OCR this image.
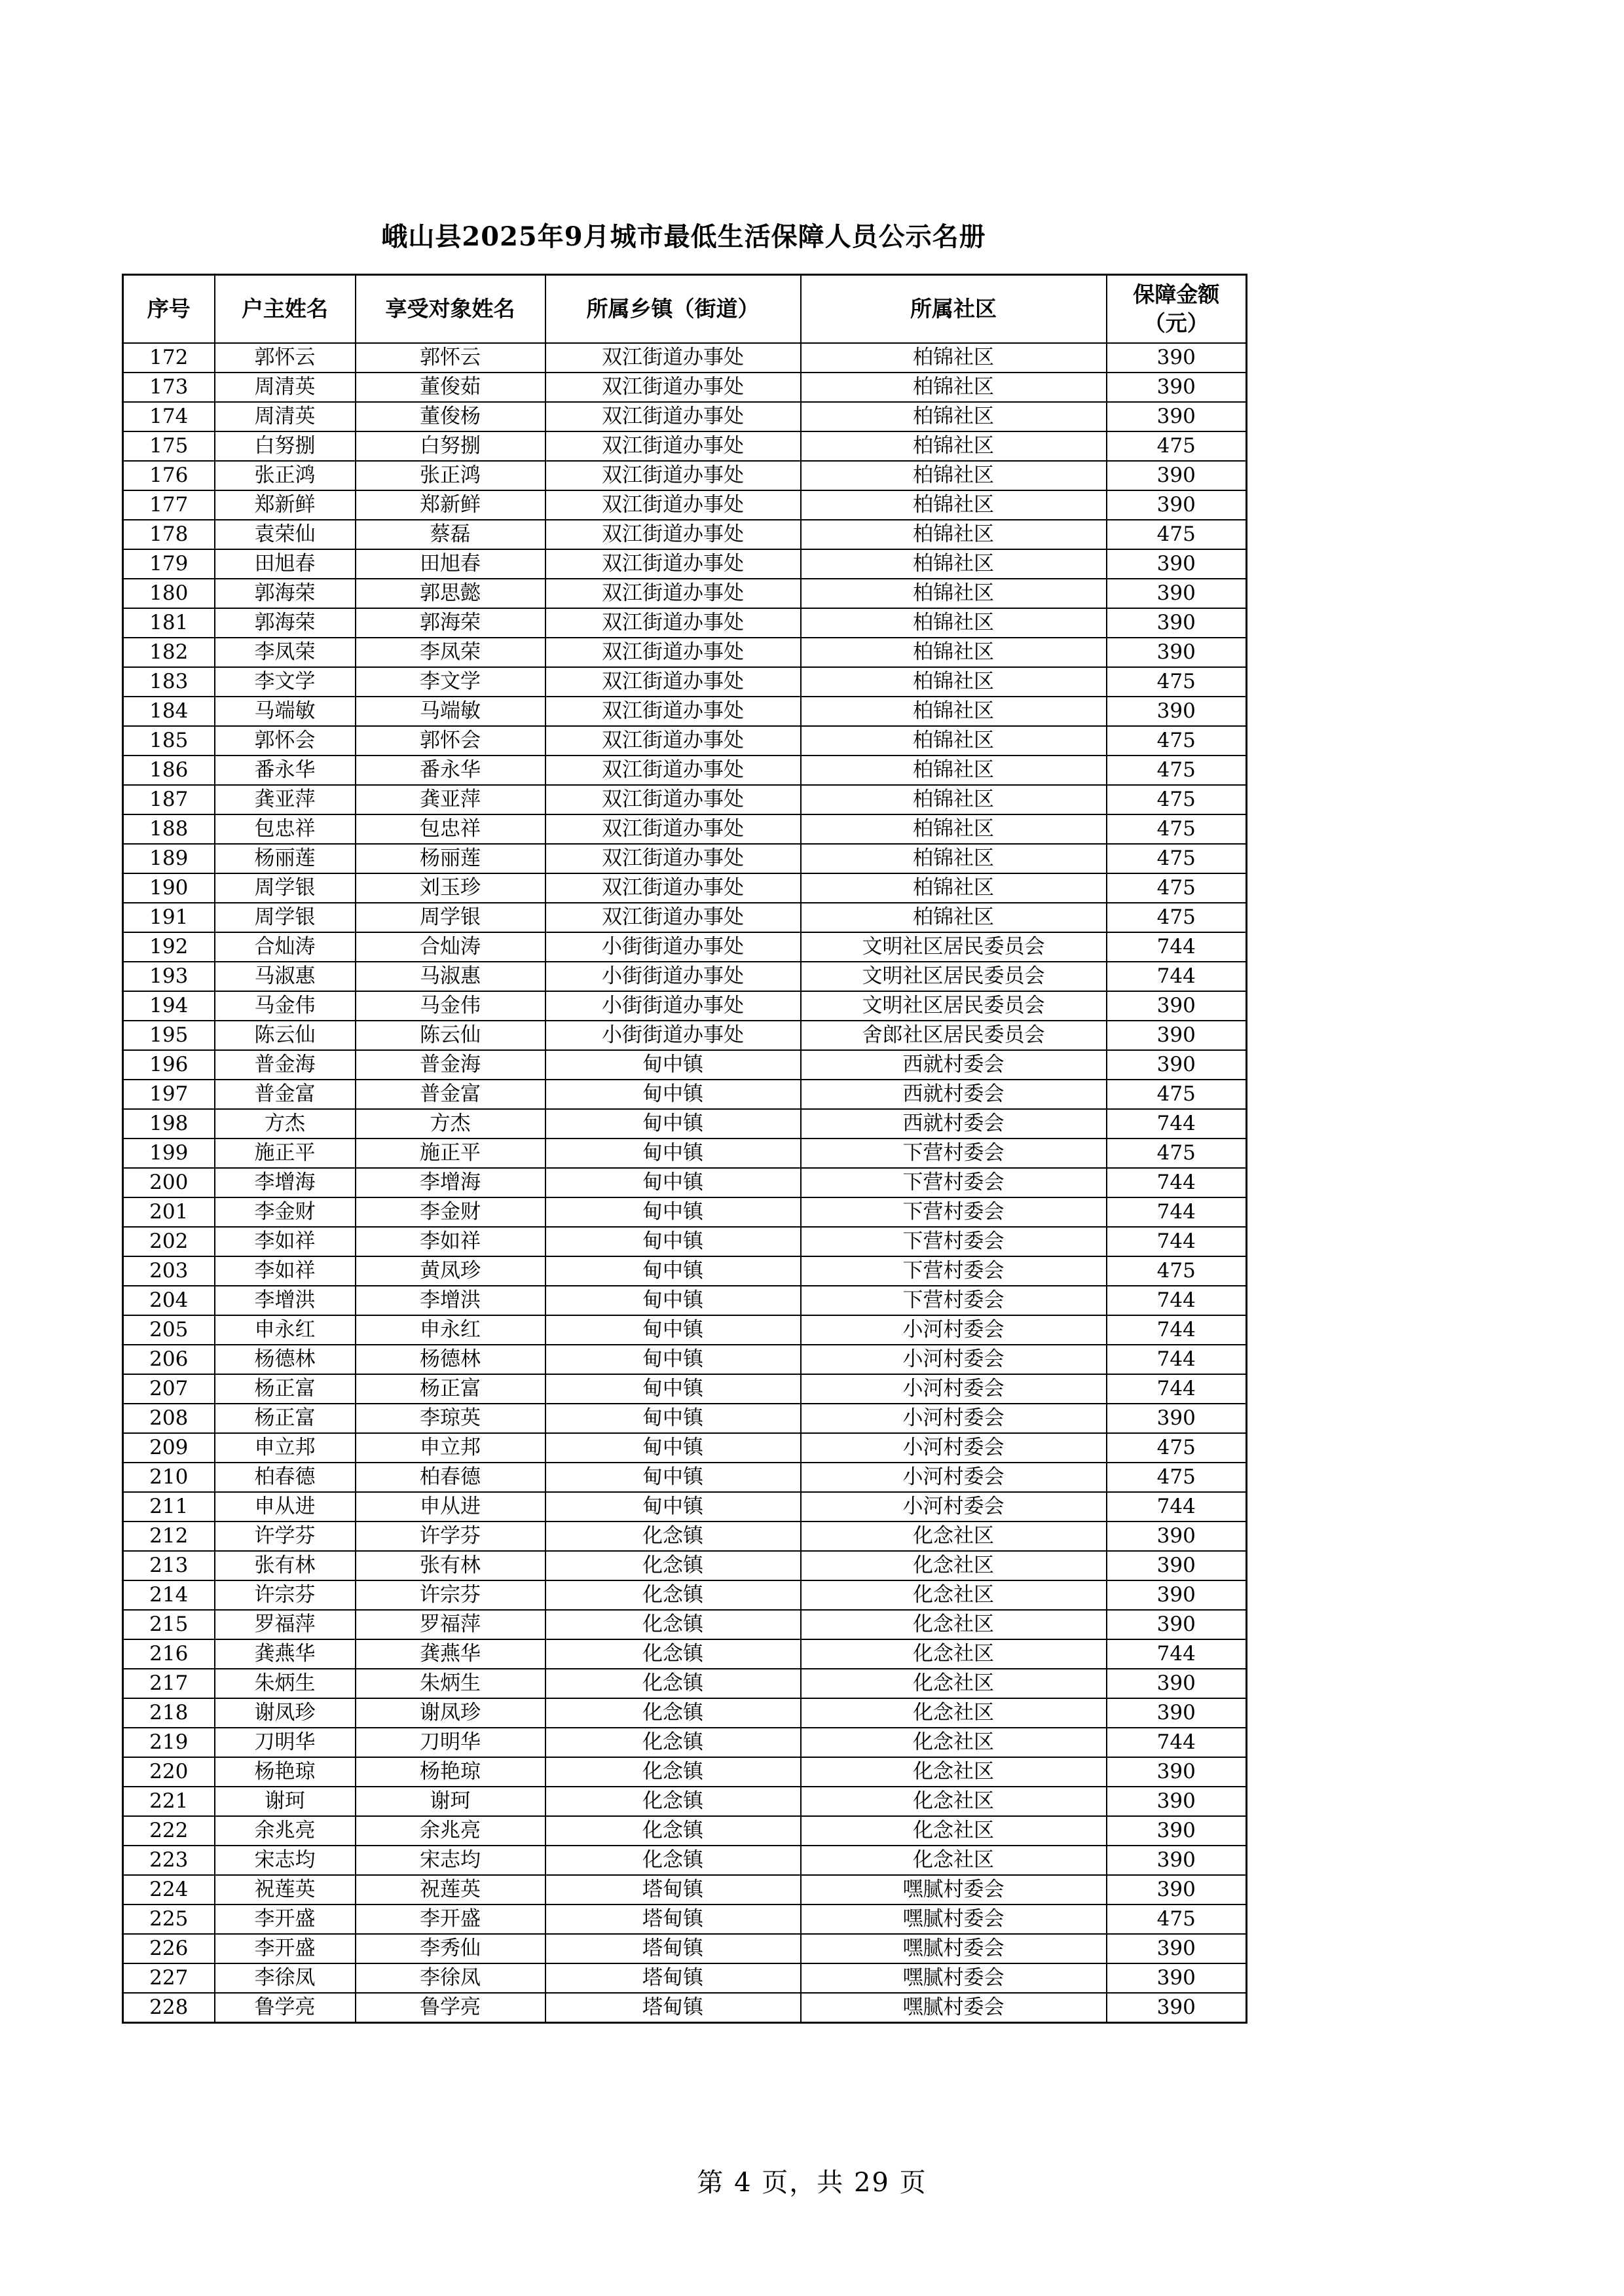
峨山县2025年9月城市最低生活保障人员公示名册
序号	户主姓名	享受对象姓名	所属乡镇（街道）	所属社区	保障金额
（元）

172	郭怀云	郭怀云	双江街道办事处	柏锦社区	390
173	周清英	董俊茹	双江街道办事处	柏锦社区	390
174	周清英	董俊杨	双江街道办事处	柏锦社区	390
175	白努捌	白努捌	双江街道办事处	柏锦社区	475
176	张正鸿	张正鸿	双江街道办事处	柏锦社区	390
177	郑新鲜	郑新鲜	双江街道办事处	柏锦社区	390
178	袁荣仙	蔡磊	双江街道办事处	柏锦社区	475
179	田旭春	田旭春	双江街道办事处	柏锦社区	390
180	郭海荣	郭思懿	双江街道办事处	柏锦社区	390
181	郭海荣	郭海荣	双江街道办事处	柏锦社区	390
182	李凤荣	李凤荣	双江街道办事处	柏锦社区	390
183	李文学	李文学	双江街道办事处	柏锦社区	475
184	马端敏	马端敏	双江街道办事处	柏锦社区	390
185	郭怀会	郭怀会	双江街道办事处	柏锦社区	475
186	番永华	番永华	双江街道办事处	柏锦社区	475
187	龚亚萍	龚亚萍	双江街道办事处	柏锦社区	475
188	包忠祥	包忠祥	双江街道办事处	柏锦社区	475
189	杨丽莲	杨丽莲	双江街道办事处	柏锦社区	475
190	周学银	刘玉珍	双江街道办事处	柏锦社区	475
191	周学银	周学银	双江街道办事处	柏锦社区	475
192	合灿涛	合灿涛	小街街道办事处	文明社区居民委员会	744
193	马淑惠	马淑惠	小街街道办事处	文明社区居民委员会	744
194	马金伟	马金伟	小街街道办事处	文明社区居民委员会	390
195	陈云仙	陈云仙	小街街道办事处	舍郎社区居民委员会	390
196	普金海	普金海	甸中镇	西就村委会	390
197	普金富	普金富	甸中镇	西就村委会	475
198	方杰	方杰	甸中镇	西就村委会	744
199	施正平	施正平	甸中镇	下营村委会	475
200	李增海	李增海	甸中镇	下营村委会	744
201	李金财	李金财	甸中镇	下营村委会	744
202	李如祥	李如祥	甸中镇	下营村委会	744
203	李如祥	黄凤珍	甸中镇	下营村委会	475
204	李增洪	李增洪	甸中镇	下营村委会	744
205	申永红	申永红	甸中镇	小河村委会	744
206	杨德林	杨德林	甸中镇	小河村委会	744
207	杨正富	杨正富	甸中镇	小河村委会	744
208	杨正富	李琼英	甸中镇	小河村委会	390
209	申立邦	申立邦	甸中镇	小河村委会	475
210	柏春德	柏春德	甸中镇	小河村委会	475
211	申从进	申从进	甸中镇	小河村委会	744
212	许学芬	许学芬	化念镇	化念社区	390
213	张有林	张有林	化念镇	化念社区	390
214	许宗芬	许宗芬	化念镇	化念社区	390
215	罗福萍	罗福萍	化念镇	化念社区	390
216	龚燕华	龚燕华	化念镇	化念社区	744
217	朱炳生	朱炳生	化念镇	化念社区	390
218	谢凤珍	谢凤珍	化念镇	化念社区	390
219	刀明华	刀明华	化念镇	化念社区	744
220	杨艳琼	杨艳琼	化念镇	化念社区	390
221	谢珂	谢珂	化念镇	化念社区	390
222	余兆亮	余兆亮	化念镇	化念社区	390
223	宋志均	宋志均	化念镇	化念社区	390
224	祝莲英	祝莲英	塔甸镇	嘿腻村委会	390
225	李开盛	李开盛	塔甸镇	嘿腻村委会	475
226	李开盛	李秀仙	塔甸镇	嘿腻村委会	390
227	李徐凤	李徐凤	塔甸镇	嘿腻村委会	390
228	鲁学亮	鲁学亮	塔甸镇	嘿腻村委会	390
第 4 页，共 29 页
